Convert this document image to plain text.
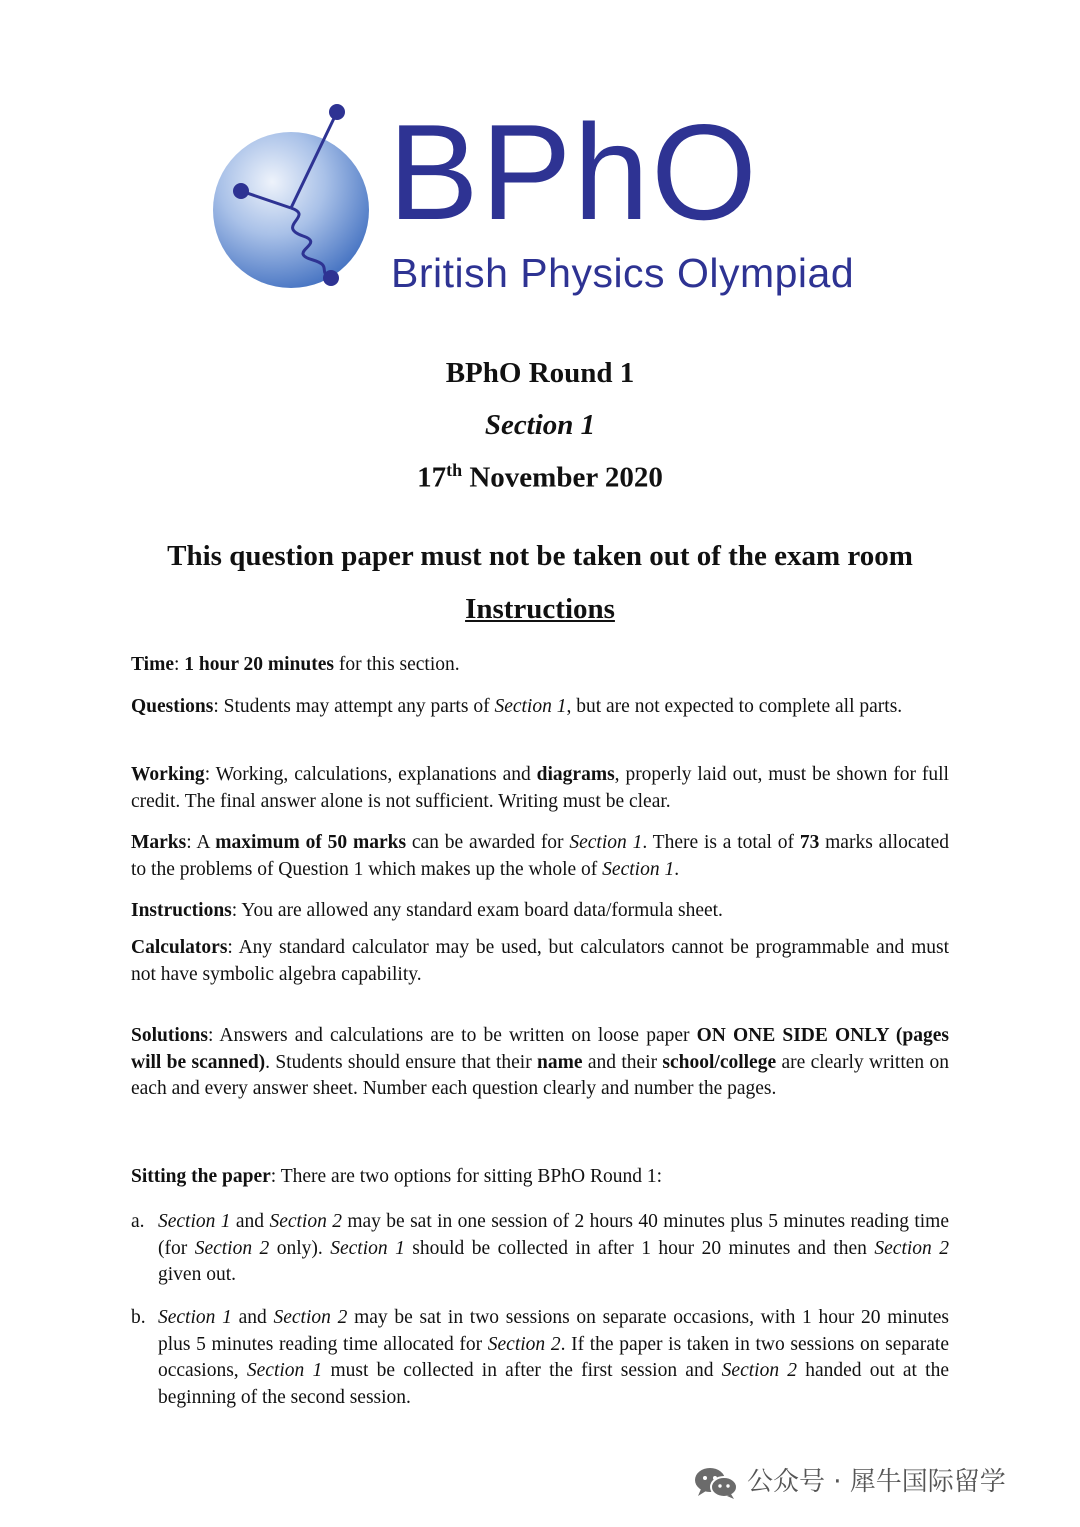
BPhO
British Physics Olympiad
BPhO Round 1
Section 1
17th November 2020
This question paper must not be taken out of the exam room
Instructions

Time: 1 hour 20 minutes for this section.

Questions: Students may attempt any parts of Section 1, but are not expected to complete all parts.

Working: Working, calculations, explanations and diagrams, properly laid out, must be shown for full credit. The final answer alone is not sufficient. Writing must be clear.

Marks: A maximum of 50 marks can be awarded for Section 1. There is a total of 73 marks allocated to the problems of Question 1 which makes up the whole of Section 1.

Instructions: You are allowed any standard exam board data/formula sheet.

Calculators: Any standard calculator may be used, but calculators cannot be programmable and must not have symbolic algebra capability.

Solutions: Answers and calculations are to be written on loose paper ON ONE SIDE ONLY (pages will be scanned). Students should ensure that their name and their school/college are clearly written on each and every answer sheet. Number each question clearly and number the pages.

Sitting the paper: There are two options for sitting BPhO Round 1:

a. Section 1 and Section 2 may be sat in one session of 2 hours 40 minutes plus 5 minutes reading time (for Section 2 only). Section 1 should be collected in after 1 hour 20 minutes and then Section 2 given out.
b. Section 1 and Section 2 may be sat in two sessions on separate occasions, with 1 hour 20 minutes plus 5 minutes reading time allocated for Section 2. If the paper is taken in two sessions on separate occasions, Section 1 must be collected in after the first session and Section 2 handed out at the beginning of the second session.
公众号 · 犀牛国际留学
